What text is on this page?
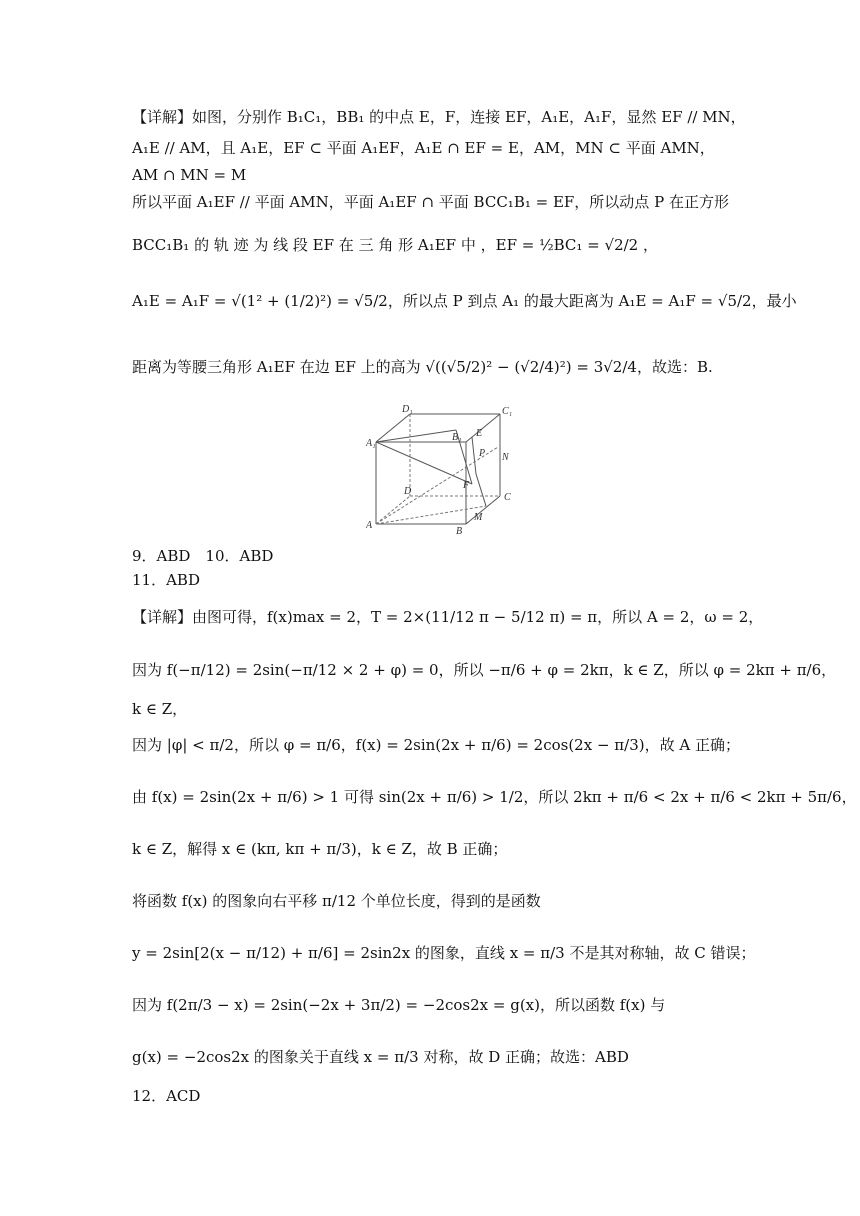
【详解】如图，分别作 B₁C₁，BB₁ 的中点 E，F，连接 EF，A₁E，A₁F，显然 EF // MN，
A₁E // AM，且 A₁E，EF ⊂ 平面 A₁EF，A₁E ∩ EF = E，AM，MN ⊂ 平面 AMN，
AM ∩ MN = M
所以平面 A₁EF // 平面 AMN，平面 A₁EF ∩ 平面 BCC₁B₁ = EF，所以动点 P 在正方形
BCC₁B₁ 的 轨 迹 为 线 段 EF 在 三 角 形 A₁EF 中 ，EF = ½BC₁ = √2/2 ，
A₁E = A₁F = √(1² + (1/2)²) = √5/2，所以点 P 到点 A₁ 的最大距离为 A₁E = A₁F = √5/2，最小
距离为等腰三角形 A₁EF 在边 EF 上的高为 √((√5/2)² − (√2/4)²) = 3√2/4，故选：B.
D₁	C₁
A₁
B₁ E
P N
F
D
C
A
M
B
9．ABD　10．ABD
11．ABD
【详解】由图可得，f(x)max = 2，T = 2×(11/12 π − 5/12 π) = π，所以 A = 2，ω = 2，
因为 f(−π/12) = 2sin(−π/12 × 2 + φ) = 0，所以 −π/6 + φ = 2kπ，k ∈ Z，所以 φ = 2kπ + π/6，
k ∈ Z，
因为 |φ| < π/2，所以 φ = π/6，f(x) = 2sin(2x + π/6) = 2cos(2x − π/3)，故 A 正确；
由 f(x) = 2sin(2x + π/6) > 1 可得 sin(2x + π/6) > 1/2，所以 2kπ + π/6 < 2x + π/6 < 2kπ + 5π/6，
k ∈ Z，解得 x ∈ (kπ, kπ + π/3)，k ∈ Z，故 B 正确；
将函数 f(x) 的图象向右平移 π/12 个单位长度，得到的是函数
y = 2sin[2(x − π/12) + π/6] = 2sin2x 的图象，直线 x = π/3 不是其对称轴，故 C 错误；
因为 f(2π/3 − x) = 2sin(−2x + 3π/2) = −2cos2x = g(x)，所以函数 f(x) 与
g(x) = −2cos2x 的图象关于直线 x = π/3 对称，故 D 正确；故选：ABD
12．ACD
